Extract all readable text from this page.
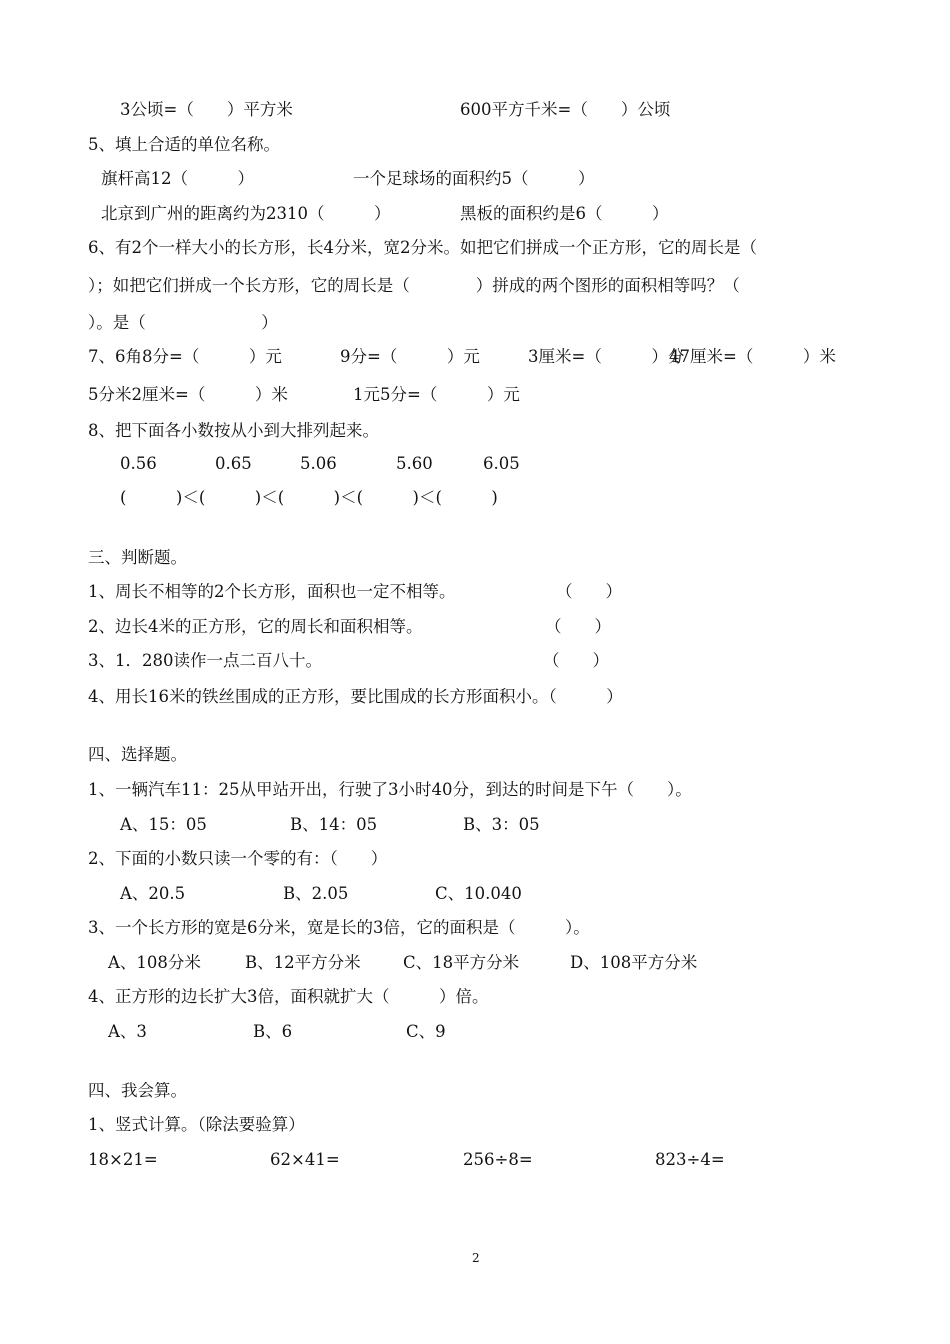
3公顷=（　　）平方米	600平方千米=（　　）公顷
5、填上合适的单位名称。
旗杆高12（　　　）	一个足球场的面积约5（　　　）
北京到广州的距离约为2310（　　　）	黑板的面积约是6（　　　）
6、有2个一样大小的长方形，长4分米，宽2分米。如把它们拼成一个正方形，它的周长是（
）；如把它们拼成一个长方形，它的周长是（　　　　）拼成的两个图形的面积相等吗？（
）。是（　　　　　　　）
7、6角8分=（　　　）元	9分=（　　　）元	3厘米=（　　　）分
47厘米=（　　　）米
5分米2厘米=（　　　）米	1元5分=（　　　）元
8、把下面各小数按从小到大排列起来。
0.56	0.65	5.06	5.60	6.05
(　　　)＜(　　　)＜(　　　)＜(　　　)＜(　　　)
三、判断题。
1、周长不相等的2个长方形，面积也一定不相等。	（　　）
2、边长4米的正方形，它的周长和面积相等。	（　　）
3、1．280读作一点二百八十。	（　　）
4、用长16米的铁丝围成的正方形，要比围成的长方形面积小。（　　　）
四、选择题。
1、一辆汽车11：25从甲站开出，行驶了3小时40分，到达的时间是下午（　　）。
A、15：05	B、14：05	B、3：05
2、下面的小数只读一个零的有：（　　）
A、20.5	B、2.05	C、10.040
3、一个长方形的宽是6分米，宽是长的3倍，它的面积是（　　　）。
A、108分米	B、12平方分米	C、18平方分米	D、108平方分米
4、正方形的边长扩大3倍，面积就扩大（　　　）倍。
A、3	B、6	C、9
四、我会算。
1、竖式计算。（除法要验算）
18×21=	62×41=	256÷8=	823÷4=
2
